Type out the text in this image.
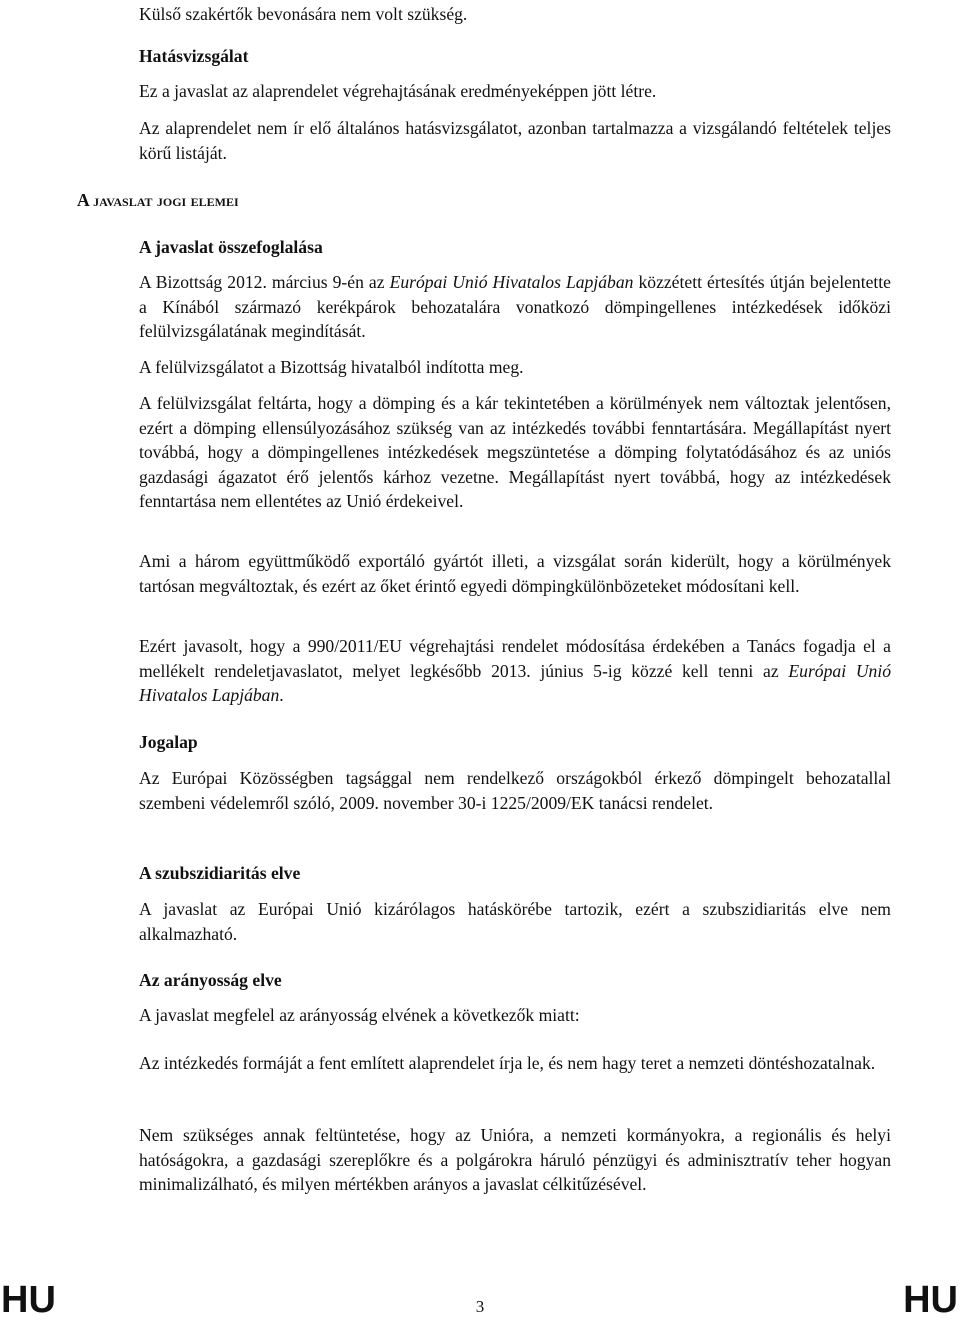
Külső szakértők bevonására nem volt szükség.

Hatásvizsgálat

Ez a javaslat az alaprendelet végrehajtásának eredményeképpen jött létre.

Az alaprendelet nem ír elő általános hatásvizsgálatot, azonban tartalmazza a vizsgálandó feltételek teljes körű listáját.

A javaslat jogi elemei

A javaslat összefoglalása

A Bizottság 2012. március 9-én az Európai Unió Hivatalos Lapjában közzétett értesítés útján bejelentette a Kínából származó kerékpárok behozatalára vonatkozó dömpingellenes intézkedések időközi felülvizsgálatának megindítását.

A felülvizsgálatot a Bizottság hivatalból indította meg.

A felülvizsgálat feltárta, hogy a dömping és a kár tekintetében a körülmények nem változtak jelentősen, ezért a dömping ellensúlyozásához szükség van az intézkedés további fenntartására. Megállapítást nyert továbbá, hogy a dömpingellenes intézkedések megszüntetése a dömping folytatódásához és az uniós gazdasági ágazatot érő jelentős kárhoz vezetne. Megállapítást nyert továbbá, hogy az intézkedések fenntartása nem ellentétes az Unió érdekeivel.

Ami a három együttműködő exportáló gyártót illeti, a vizsgálat során kiderült, hogy a körülmények tartósan megváltoztak, és ezért az őket érintő egyedi dömpingkülönbözeteket módosítani kell.

Ezért javasolt, hogy a 990/2011/EU végrehajtási rendelet módosítása érdekében a Tanács fogadja el a mellékelt rendeletjavaslatot, melyet legkésőbb 2013. június 5-ig közzé kell tenni az Európai Unió Hivatalos Lapjában.

Jogalap

Az Európai Közösségben tagsággal nem rendelkező országokból érkező dömpingelt behozatallal szembeni védelemről szóló, 2009. november 30-i 1225/2009/EK tanácsi rendelet.

A szubszidiaritás elve

A javaslat az Európai Unió kizárólagos hatáskörébe tartozik, ezért a szubszidiaritás elve nem alkalmazható.

Az arányosság elve

A javaslat megfelel az arányosság elvének a következők miatt:

Az intézkedés formáját a fent említett alaprendelet írja le, és nem hagy teret a nemzeti döntéshozatalnak.

Nem szükséges annak feltüntetése, hogy az Unióra, a nemzeti kormányokra, a regionális és helyi hatóságokra, a gazdasági szereplőkre és a polgárokra háruló pénzügyi és adminisztratív teher hogyan minimalizálható, és milyen mértékben arányos a javaslat célkitűzésével.

HU	3	HU
